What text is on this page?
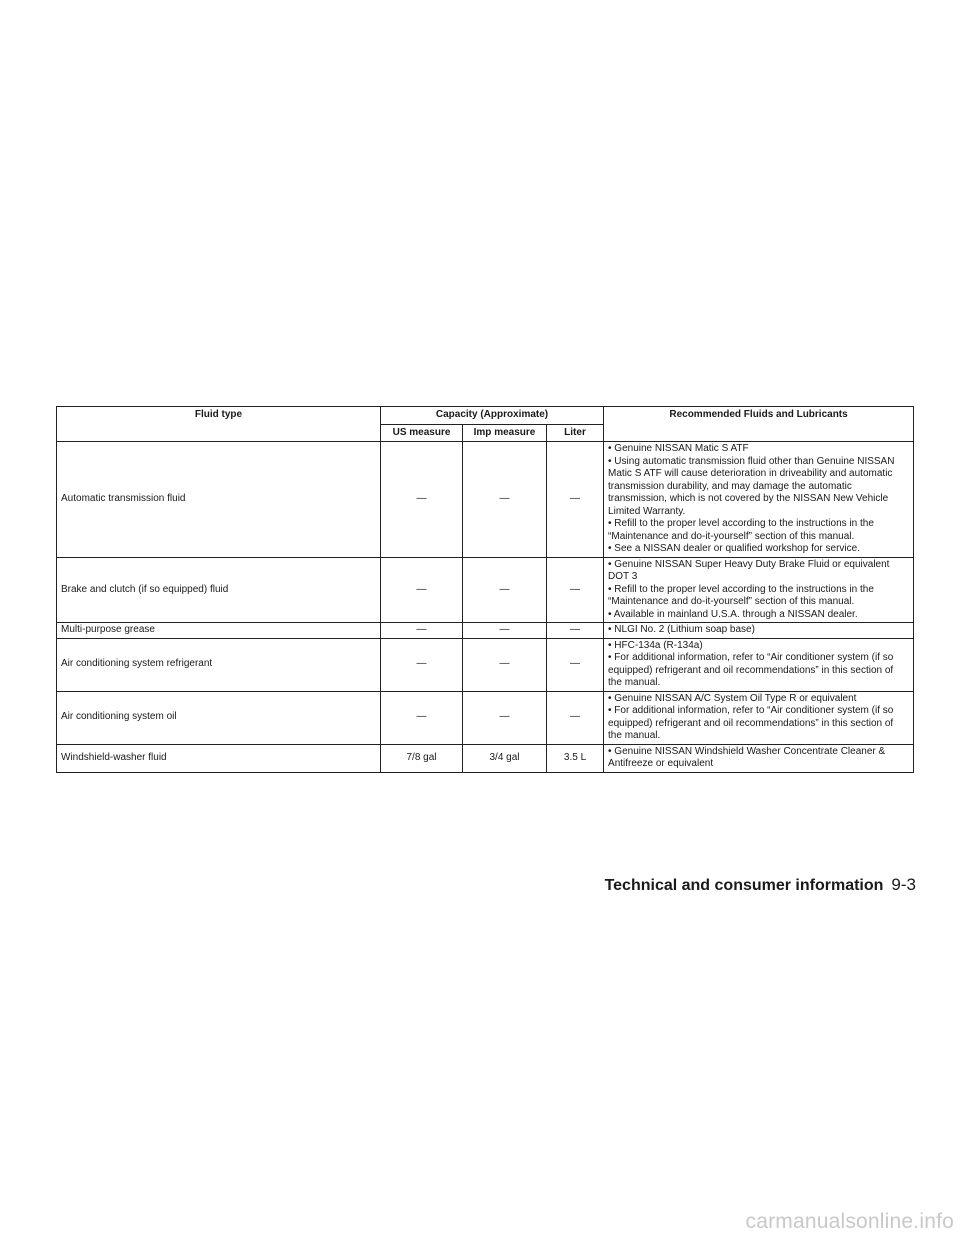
Fluid type	Capacity (Approximate)			Recommended Fluids and Lubricants
	US measure	Imp measure	Liter	
Automatic transmission fluid	—	—	—	• Genuine NISSAN Matic S ATF
• Using automatic transmission fluid other than Genuine NISSAN Matic S ATF will cause deterioration in driveability and automatic transmission durability, and may damage the automatic transmission, which is not covered by the NISSAN New Vehicle Limited Warranty.
• Refill to the proper level according to the instructions in the “Maintenance and do-it-yourself” section of this manual.
• See a NISSAN dealer or qualified workshop for service.

Brake and clutch (if so equipped) fluid	—	—	—	• Genuine NISSAN Super Heavy Duty Brake Fluid or equivalent DOT 3
• Refill to the proper level according to the instructions in the “Maintenance and do-it-yourself” section of this manual.
• Available in mainland U.S.A. through a NISSAN dealer.

Multi-purpose grease	—	—	—	• NLGI No. 2 (Lithium soap base)

Air conditioning system refrigerant	—	—	—	• HFC-134a (R-134a)
• For additional information, refer to “Air conditioner system (if so equipped) refrigerant and oil recommendations” in this section of the manual.

Air conditioning system oil	—	—	—	• Genuine NISSAN A/C System Oil Type R or equivalent
• For additional information, refer to “Air conditioner system (if so equipped) refrigerant and oil recommendations” in this section of the manual.

Windshield-washer fluid	7/8 gal	3/4 gal	3.5 L	• Genuine NISSAN Windshield Washer Concentrate Cleaner & Antifreeze or equivalent
Technical and consumer information 9-3
carmanualsonline.info
